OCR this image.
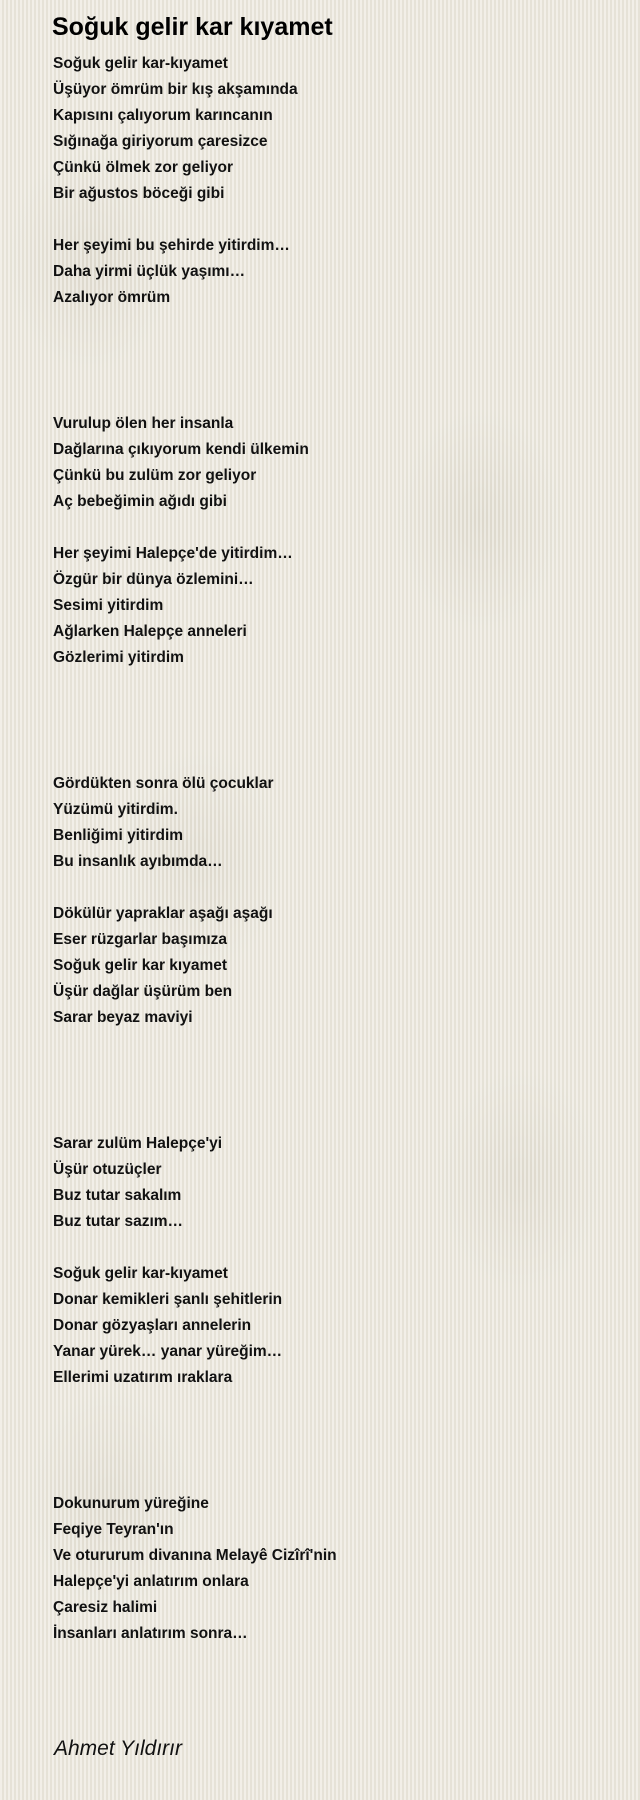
Soğuk gelir kar kıyamet
Soğuk gelir kar-kıyamet
Üşüyor ömrüm bir kış akşamında
Kapısını çalıyorum karıncanın
Sığınağa giriyorum çaresizce
Çünkü ölmek zor geliyor
Bir ağustos böceği gibi
Her şeyimi bu şehirde yitirdim…
Daha yirmi üçlük yaşımı…
Azalıyor ömrüm
Vurulup ölen her insanla
Dağlarına çıkıyorum kendi ülkemin
Çünkü bu zulüm zor geliyor
Aç bebeğimin ağıdı gibi
Her şeyimi Halepçe'de yitirdim…
Özgür bir dünya özlemini…
Sesimi yitirdim
Ağlarken Halepçe anneleri
Gözlerimi yitirdim
Gördükten sonra ölü çocuklar
Yüzümü yitirdim.
Benliğimi yitirdim
Bu insanlık ayıbımda…
Dökülür yapraklar aşağı aşağı
Eser rüzgarlar başımıza
Soğuk gelir kar kıyamet
Üşür dağlar üşürüm ben
Sarar beyaz maviyi
Sarar zulüm Halepçe'yi
Üşür otuzüçler
Buz tutar sakalım
Buz tutar sazım…
Soğuk gelir kar-kıyamet
Donar kemikleri şanlı şehitlerin
Donar gözyaşları annelerin
Yanar yürek… yanar yüreğim…
Ellerimi uzatırım ıraklara
Dokunurum yüreğine
Feqiye Teyran'ın
Ve otururum divanına Melayê Cizîrî'nin
Halepçe'yi anlatırım onlara
Çaresiz halimi
İnsanları anlatırım sonra…
Ahmet Yıldırır
